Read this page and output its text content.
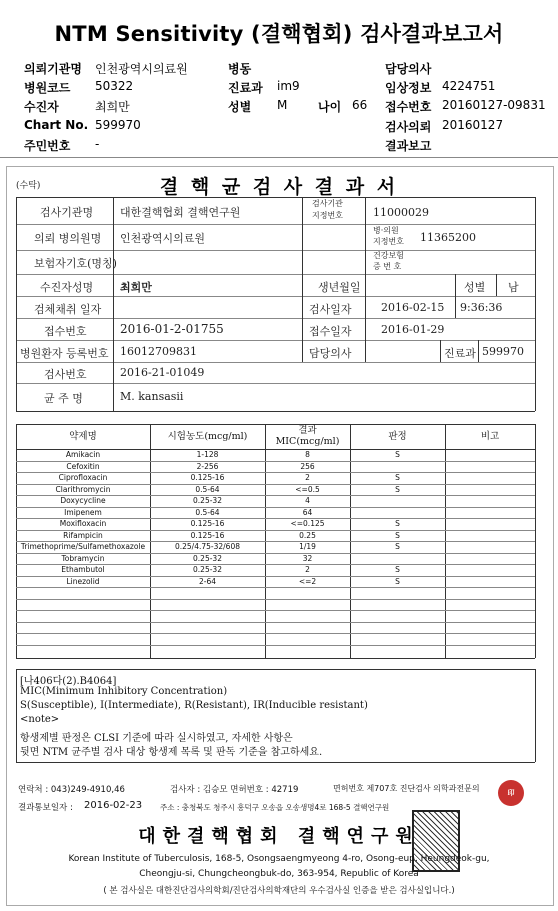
NTM Sensitivity (결핵협회) 검사결과보고서
의뢰기관명 인천광역시의료원	병동	담당의사
병원코드 50322	진료과 im9	임상정보 4224751
수진자	최희만	성별 M	나이 66 접수번호 20160127-09831
Chart No. 599970	검사의뢰 20160127
주민번호 -	결과보고
(수탁)	결 핵 균 검 사 결 과 서
검사기관명 대한결핵협회 결핵연구원
검사기관
지정번호	11000029
의뢰 병의원명 인천광역시의료원
병·의원
지정번호 11365200
보험자기호(명칭)
건강보험
증 번 호
수진자성명 최희만	생년월일	성별 남
검체채취 일자	검사일자	2016-02-15 9:36:36
접수번호	2016-01-2-01755	접수일자	2016-01-29
병원환자 등록번호 16012709831	담당의사	진료과 599970
검사번호	2016-21-01049
균 주 명	M. kansasii
약제명	시험농도(mcg/ml)
결과
MIC(mcg/ml)	판정	비고
Amikacin	1-128	8	S
Cefoxitin	2-256	256
Ciprofloxacin	0.125-16	2	S
Clarithromycin	0.5-64	<=0.5	S
Doxycycline	0.25-32	4
Imipenem	0.5-64	64
Moxifloxacin	0.125-16	<=0.125	S
Rifampicin	0.125-16	0.25	S
Trimethoprime/Sulfamethoxazole	0.25/4.75-32/608	1/19	S
Tobramycin	0.25-32	32
Ethambutol	0.25-32	2	S
Linezolid	2-64	<=2	S
[나406다(2).B4064]
MIC(Minimum Inhibitory Concentration)
S(Susceptible), I(Intermediate), R(Resistant), IR(Inducible resistant)
<note>
항생제별 판정은 CLSI 기준에 따라 실시하였고, 자세한 사항은
뒷면 NTM 균주별 검사 대상 항생제 목록 및 판독 기준을 참고하세요.
연락처 : 043)249-4910,46	검사자 : 김승모 면허번호 : 42719	면허번호 제707호 진단검사 의학과전문의	印
결과통보일자 : 2016-02-23 주소 : 충청북도 청주시 흥덕구 오송읍 오송생명4로 168-5 결핵연구원
대한결핵협회 결핵연구원
Korean Institute of Tuberculosis, 168-5, Osongsaengmyeong 4-ro, Osong-eup, Heungdeok-gu,
Cheongju-si, Chungcheongbuk-do, 363-954, Republic of Korea
( 본 검사실은 대한진단검사의학회/진단검사의학재단의 우수검사실 인증을 받은 검사실입니다.)
